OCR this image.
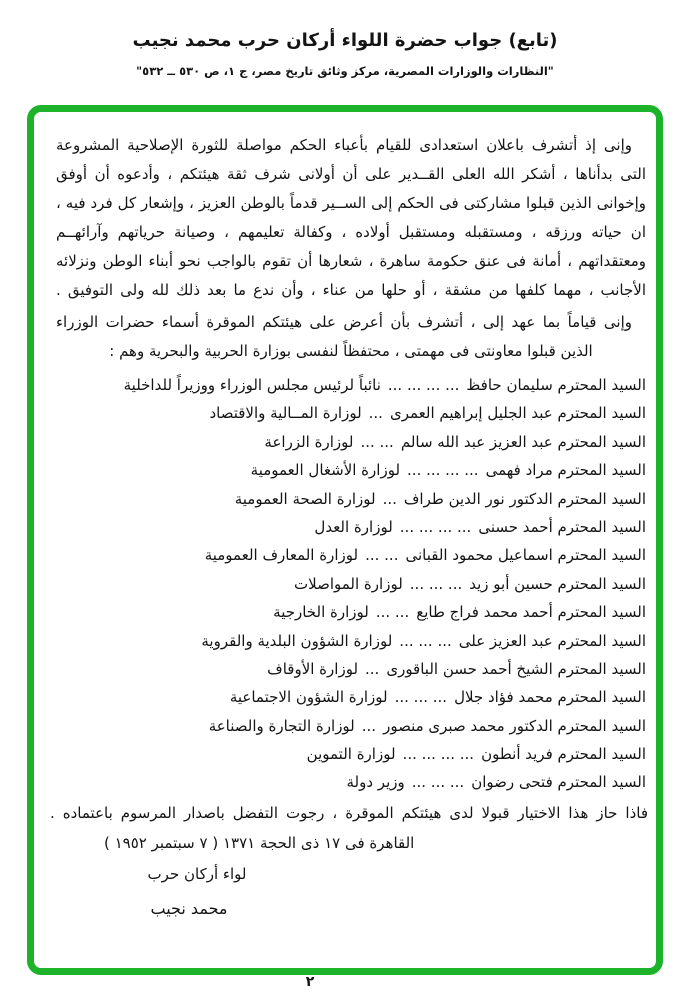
(تابع) جواب حضرة اللواء أركان حرب محمد نجيب
"النظارات والوزارات المصرية، مركز وثائق تاريخ مصر، ج ١، ص ٥٣٠ ــ ٥٣٢"
وإنى إذ أتشرف باعلان استعدادى للقيام بأعباء الحكم مواصلة للثورة الإصلاحية المشروعة
التى بدأناها ، أشكر الله العلى القــدير على أن أولانى شرف ثقة هيئتكم ، وأدعوه أن أوفق
وإخوانى الذين قبلوا مشاركتى فى الحكم إلى الســير قدماً بالوطن العزيز ، وإشعار كل فرد فيه ،
ان حياته ورزقه ، ومستقبله ومستقبل أولاده ، وكفالة تعليمهم ، وصيانة حرياتهم وآرائهــم
ومعتقداتهم ، أمانة فى عنق حكومة ساهرة ، شعارها أن تقوم بالواجب نحو أبناء الوطن ونزلائه
الأجانب ، مهما كلفها من مشقة ، أو حلها من عناء ، وأن ندع ما بعد ذلك لله ولى التوفيق .
وإنى قياماً بما عهد إلى ، أتشرف بأن أعرض على هيئتكم الموقرة أسماء حضرات الوزراء
الذين قبلوا معاونتى فى مهمتى ، محتفظاً لنفسى بوزارة الحربية والبحرية وهم :
السيد المحترم سليمان حافظ... ... ... ...نائباً لرئيس مجلس الوزراء ووزيراً للداخلية
السيد المحترم عبد الجليل إبراهيم العمرى...لوزارة المــالية والاقتصاد
السيد المحترم عبد العزيز عبد الله سالم... ...لوزارة الزراعة
السيد المحترم مراد فهمى... ... ... ...لوزارة الأشغال العمومية
السيد المحترم الدكتور نور الدين طراف...لوزارة الصحة العمومية
السيد المحترم أحمد حسنى... ... ... ...لوزارة العدل
السيد المحترم اسماعيل محمود القبانى... ...لوزارة المعارف العمومية
السيد المحترم حسين أبو زيد... ... ...لوزارة المواصلات
السيد المحترم أحمد محمد فراج طايع... ...لوزارة الخارجية
السيد المحترم عبد العزيز على... ... ...لوزارة الشؤون البلدية والقروية
السيد المحترم الشيخ أحمد حسن الباقورى...لوزارة الأوقاف
السيد المحترم محمد فؤاد جلال... ... ...لوزارة الشؤون الاجتماعية
السيد المحترم الدكتور محمد صبرى منصور...لوزارة التجارة والصناعة
السيد المحترم فريد أنطون... ... ... ...لوزارة التموين
السيد المحترم فتحى رضوان... ... ...وزير دولة
فاذا حاز هذا الاختيار قبولا لدى هيئتكم الموقرة ، رجوت التفضل باصدار المرسوم باعتماده .
القاهرة فى ١٧ ذى الحجة ١٣٧١ ( ٧ سبتمبر ١٩٥٢ )
لواء أركان حرب
محمد نجيب
٢
